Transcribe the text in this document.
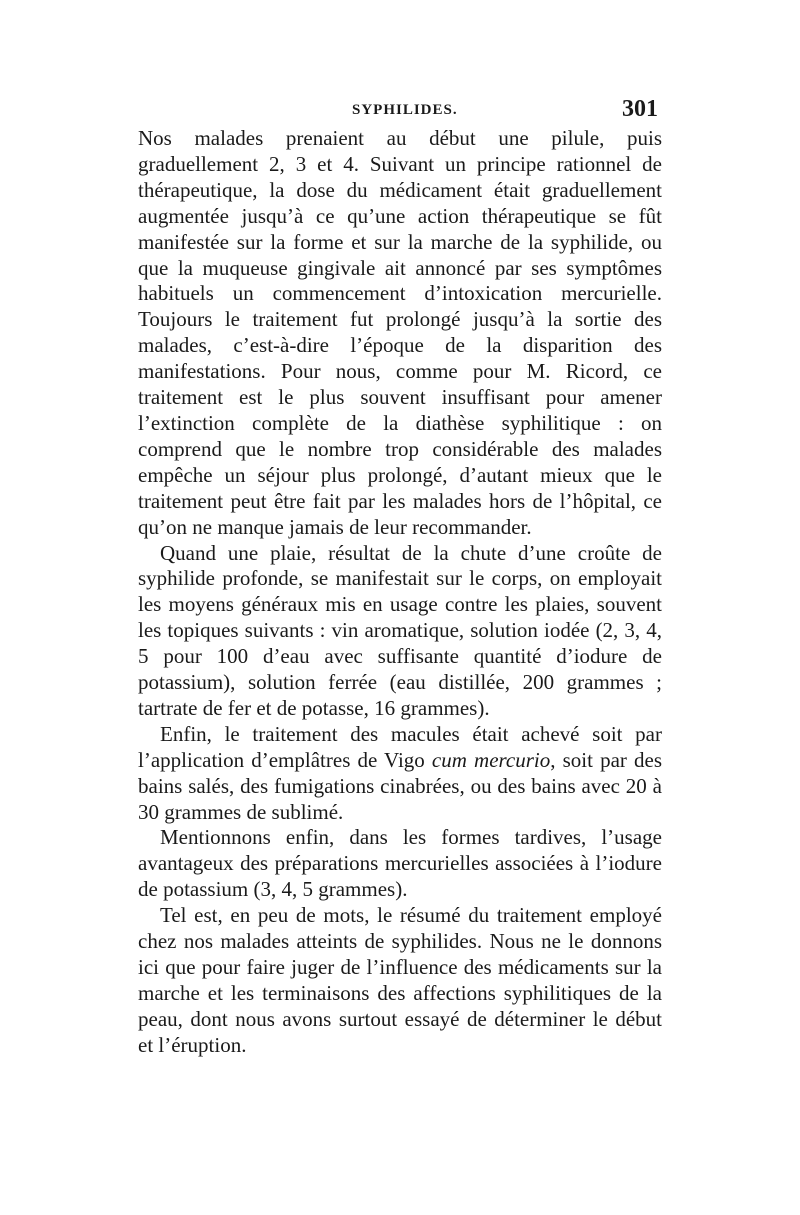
SYPHILIDES.	301

Nos malades prenaient au début une pilule, puis graduellement 2, 3 et 4. Suivant un principe rationnel de thérapeutique, la dose du médicament était graduellement augmentée jusqu’à ce qu’une action thérapeutique se fût manifestée sur la forme et sur la marche de la syphilide, ou que la muqueuse gingivale ait annoncé par ses symptômes habituels un commencement d’intoxication mercurielle. Toujours le traitement fut prolongé jusqu’à la sortie des malades, c’est-à-dire l’époque de la disparition des manifestations. Pour nous, comme pour M. Ricord, ce traitement est le plus souvent insuffisant pour amener l’extinction complète de la diathèse syphilitique : on comprend que le nombre trop considérable des malades empêche un séjour plus prolongé, d’autant mieux que le traitement peut être fait par les malades hors de l’hôpital, ce qu’on ne manque jamais de leur recommander.

Quand une plaie, résultat de la chute d’une croûte de syphilide profonde, se manifestait sur le corps, on employait les moyens généraux mis en usage contre les plaies, souvent les topiques suivants : vin aromatique, solution iodée (2, 3, 4, 5 pour 100 d’eau avec suffisante quantité d’iodure de potassium), solution ferrée (eau distillée, 200 grammes ; tartrate de fer et de potasse, 16 grammes).

Enfin, le traitement des macules était achevé soit par l’application d’emplâtres de Vigo cum mercurio, soit par des bains salés, des fumigations cinabrées, ou des bains avec 20 à 30 grammes de sublimé.

Mentionnons enfin, dans les formes tardives, l’usage avantageux des préparations mercurielles associées à l’iodure de potassium (3, 4, 5 grammes).

Tel est, en peu de mots, le résumé du traitement employé chez nos malades atteints de syphilides. Nous ne le donnons ici que pour faire juger de l’influence des médicaments sur la marche et les terminaisons des affections syphilitiques de la peau, dont nous avons surtout essayé de déterminer le début et l’éruption.
